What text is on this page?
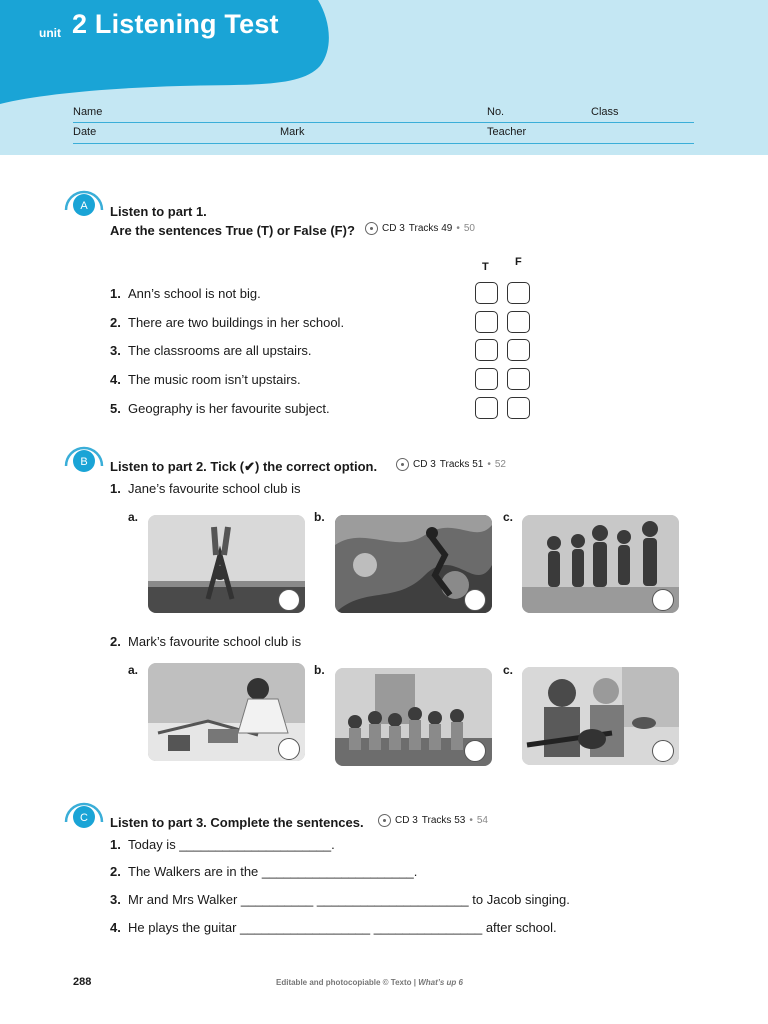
unit 2 Listening Test
Name	No.	Class
Date	Mark	Teacher
A Listen to part 1.
Are the sentences True (T) or False (F)?	CD 3 Tracks 49 • 50
T F
1. Ann’s school is not big.
2. There are two buildings in her school.
3. The classrooms are all upstairs.
4. The music room isn’t upstairs.
5. Geography is her favourite subject.
B Listen to part 2. Tick (✔) the correct option.	CD 3 Tracks 51 • 52
1. Jane’s favourite school club is
a.	b.	c.
2. Mark’s favourite school club is
a.	b.	c.
C Listen to part 3. Complete the sentences.	CD 3 Tracks 53 • 54
1. Today is _____________________.
2. The Walkers are in the _____________________.
3. Mr and Mrs Walker __________ _____________________ to Jacob singing.
4. He plays the guitar __________________ _______________ after school.
288	Editable and photocopiable © Texto | What’s up 6
